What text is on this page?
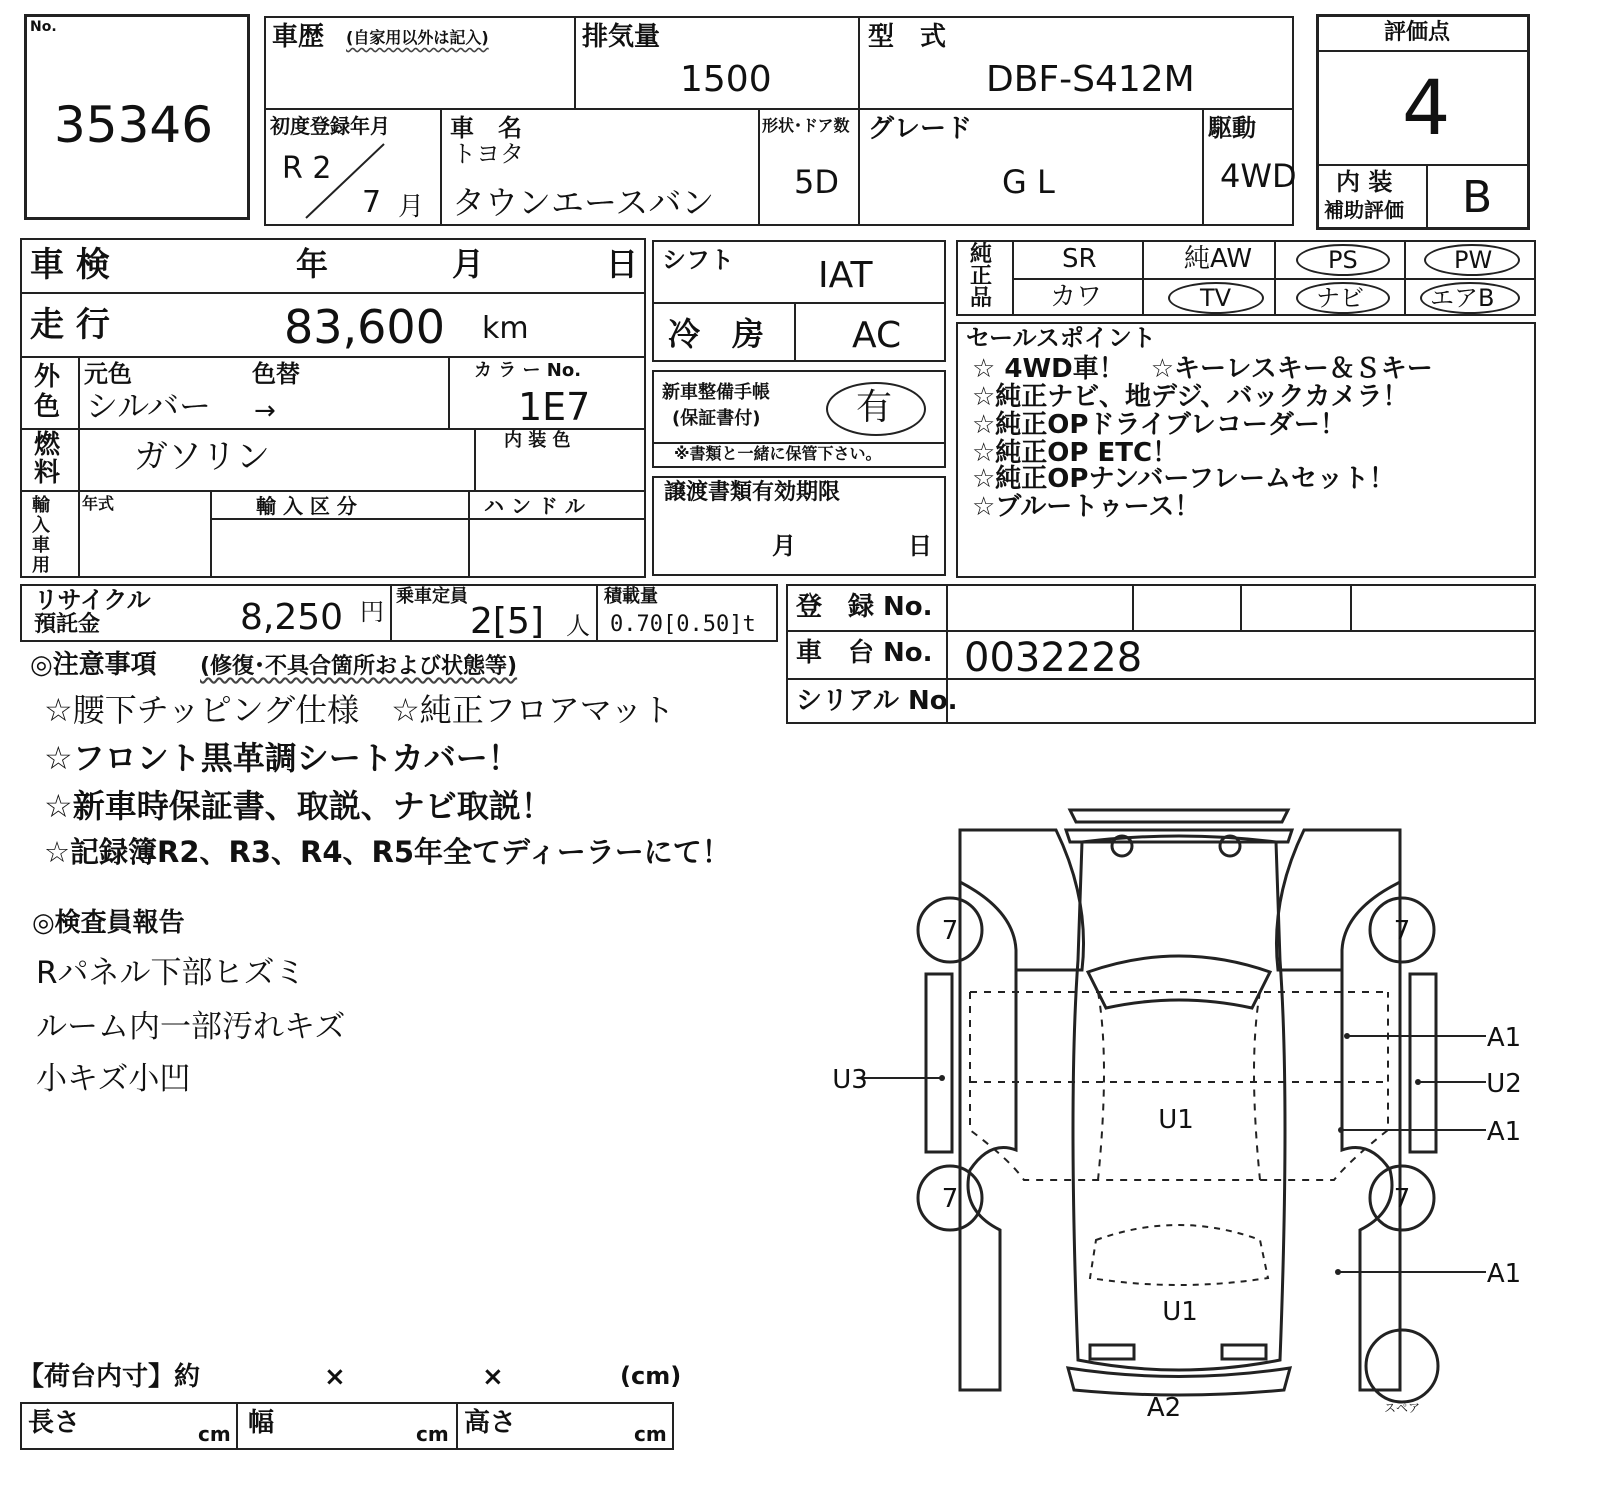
No.
35346
車歴 (自家用以外は記入)	排気量
1500
型　式
DBF-S412M
初度登録年月
R 2
7 月
車　名
トヨタ
タウンエースバン
形状･ドア数
5D
グレード
G L
駆動
4WD
評価点
4
内 装
補助評価 B
車 検	年	月	日
走 行	83,600 km
外
色
元色	色替
シルバー →
カ ラ ー No.
1E7
燃
料 ガソリン	内 装 色
輸入車用
年式	輸 入 区 分	ハ ン ド ル
シフト IAT
冷　房 AC
新車整備手帳
(保証書付)	有
※書類と一緒に保管下さい。
譲渡書類有効期限
月	日
純正品
SR	純AW	PS	PW
カワ	TV	ナビ	エアB
セールスポイント
☆ 4WD車！　☆キーレスキー＆Ｓキー
☆純正ナビ、地デジ、バックカメラ！
☆純正OPドライブレコーダー！
☆純正OP ETC！
☆純正OPナンバーフレームセット！
☆ブルートゥース！
リサイクル
預託金	8,250 円
乗車定員
2[5] 人
積載量
0.70[0.50]t
登　録 No.
車　台 No. 0032228
シリアル No.
◎注意事項 (修復･不具合箇所および状態等)
☆腰下チッピング仕様　☆純正フロアマット
☆フロント黒革調シートカバー！
☆新車時保証書、取説、ナビ取説！
☆記録簿R2、R3、R4、R5年全てディーラーにて！
◎検査員報告
Rパネル下部ヒズミ
ルーム内一部汚れキズ
小キズ小凹
7	7
7	7
U3
A1
U2
A1
A1
U1
U1
A2	スペア
【荷台内寸】約	×	×	(cm)
長さ	cm 幅	cm 高さ	cm
